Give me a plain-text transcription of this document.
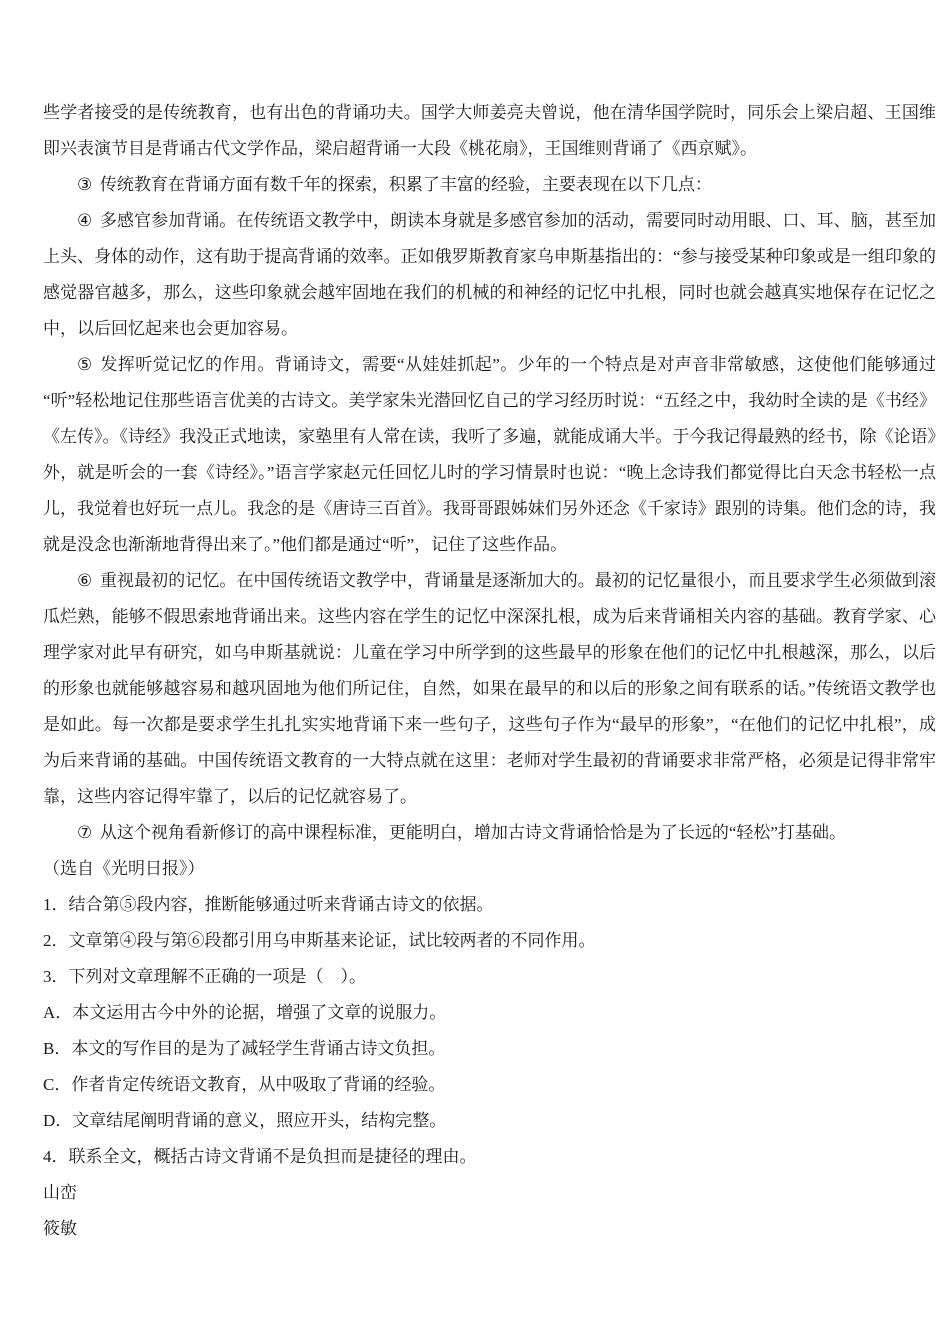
些学者接受的是传统教育，也有出色的背诵功夫。国学大师姜亮夫曾说，他在清华国学院时，同乐会上梁启超、王国维即兴表演节目是背诵古代文学作品，梁启超背诵一大段《桃花扇》，王国维则背诵了《西京赋》。

③ 传统教育在背诵方面有数千年的探索，积累了丰富的经验，主要表现在以下几点：

④ 多感官参加背诵。在传统语文教学中，朗读本身就是多感官参加的活动，需要同时动用眼、口、耳、脑，甚至加上头、身体的动作，这有助于提高背诵的效率。正如俄罗斯教育家乌申斯基指出的：“参与接受某种印象或是一组印象的感觉器官越多，那么，这些印象就会越牢固地在我们的机械的和神经的记忆中扎根，同时也就会越真实地保存在记忆之中，以后回忆起来也会更加容易。

⑤ 发挥听觉记忆的作用。背诵诗文，需要“从娃娃抓起”。少年的一个特点是对声音非常敏感，这使他们能够通过“听”轻松地记住那些语言优美的古诗文。美学家朱光潜回忆自己的学习经历时说：“五经之中，我幼时全读的是《书经》《左传》。《诗经》我没正式地读，家塾里有人常在读，我听了多遍，就能成诵大半。于今我记得最熟的经书，除《论语》外，就是听会的一套《诗经》。”语言学家赵元任回忆儿时的学习情景时也说：“晚上念诗我们都觉得比白天念书轻松一点儿，我觉着也好玩一点儿。我念的是《唐诗三百首》。我哥哥跟姊妹们另外还念《千家诗》跟别的诗集。他们念的诗，我就是没念也渐渐地背得出来了。”他们都是通过“听”，记住了这些作品。

⑥ 重视最初的记忆。在中国传统语文教学中，背诵量是逐渐加大的。最初的记忆量很小，而且要求学生必须做到滚瓜烂熟，能够不假思索地背诵出来。这些内容在学生的记忆中深深扎根，成为后来背诵相关内容的基础。教育学家、心理学家对此早有研究，如乌申斯基就说：儿童在学习中所学到的这些最早的形象在他们的记忆中扎根越深，那么，以后的形象也就能够越容易和越巩固地为他们所记住，自然，如果在最早的和以后的形象之间有联系的话。”传统语文教学也是如此。每一次都是要求学生扎扎实实地背诵下来一些句子，这些句子作为“最早的形象”，“在他们的记忆中扎根”，成为后来背诵的基础。中国传统语文教育的一大特点就在这里：老师对学生最初的背诵要求非常严格，必须是记得非常牢靠，这些内容记得牢靠了，以后的记忆就容易了。

⑦ 从这个视角看新修订的高中课程标准，更能明白，增加古诗文背诵恰恰是为了长远的“轻松”打基础。

（选自《光明日报》）

1．结合第⑤段内容，推断能够通过听来背诵古诗文的依据。

2．文章第④段与第⑥段都引用乌申斯基来论证，试比较两者的不同作用。

3．下列对文章理解不正确的一项是（　）。

A．本文运用古今中外的论据，增强了文章的说服力。

B．本文的写作目的是为了减轻学生背诵古诗文负担。

C．作者肯定传统语文教育，从中吸取了背诵的经验。

D．文章结尾阐明背诵的意义，照应开头，结构完整。

4．联系全文，概括古诗文背诵不是负担而是捷径的理由。

山峦

筱敏
